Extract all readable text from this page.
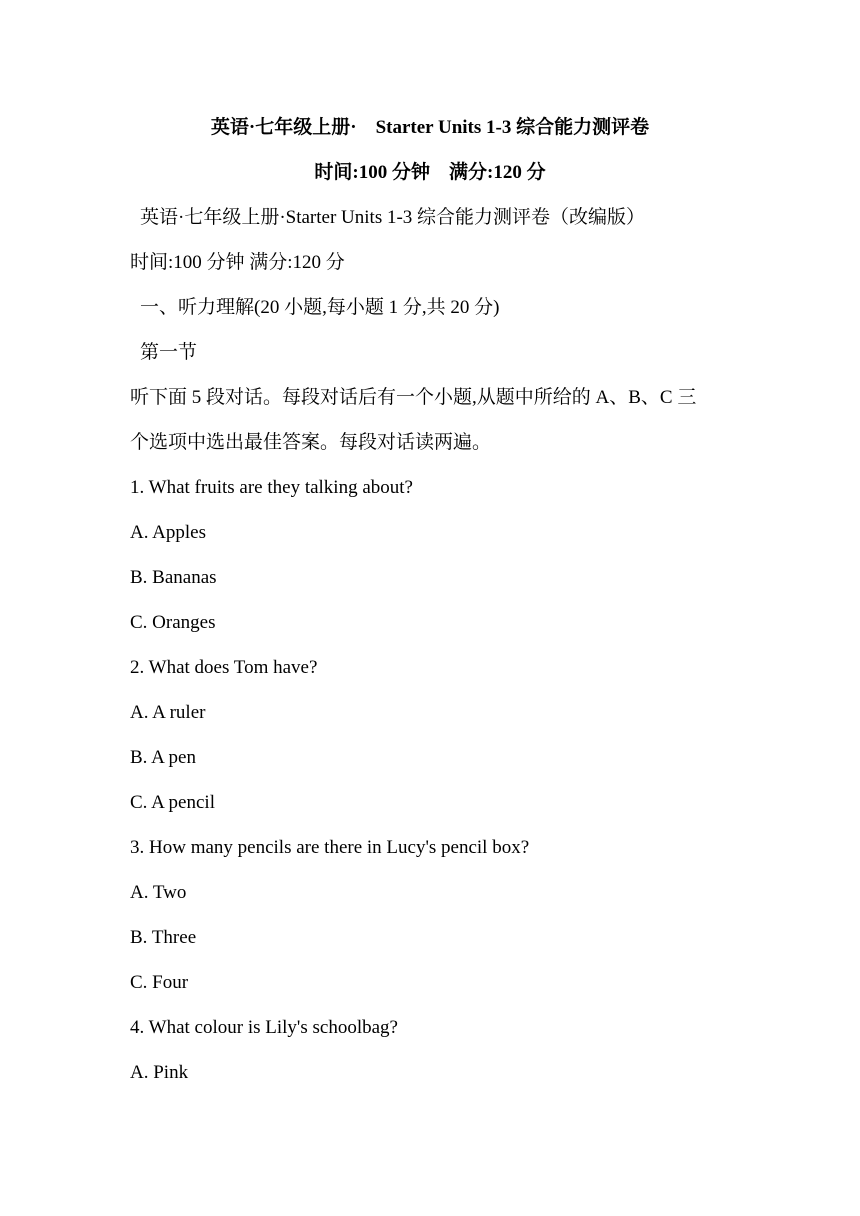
英语·七年级上册·　Starter Units 1-3 综合能力测评卷
时间:100 分钟　满分:120 分
英语·七年级上册·Starter Units 1-3 综合能力测评卷（改编版）
时间:100 分钟 满分:120 分
一、听力理解(20 小题,每小题 1 分,共 20 分)
第一节
听下面 5 段对话。每段对话后有一个小题,从题中所给的 A、B、C 三
个选项中选出最佳答案。每段对话读两遍。
1. What fruits are they talking about?
A. Apples
B. Bananas
C. Oranges
2. What does Tom have?
A. A ruler
B. A pen
C. A pencil
3. How many pencils are there in Lucy's pencil box?
A. Two
B. Three
C. Four
4. What colour is Lily's schoolbag?
A. Pink
